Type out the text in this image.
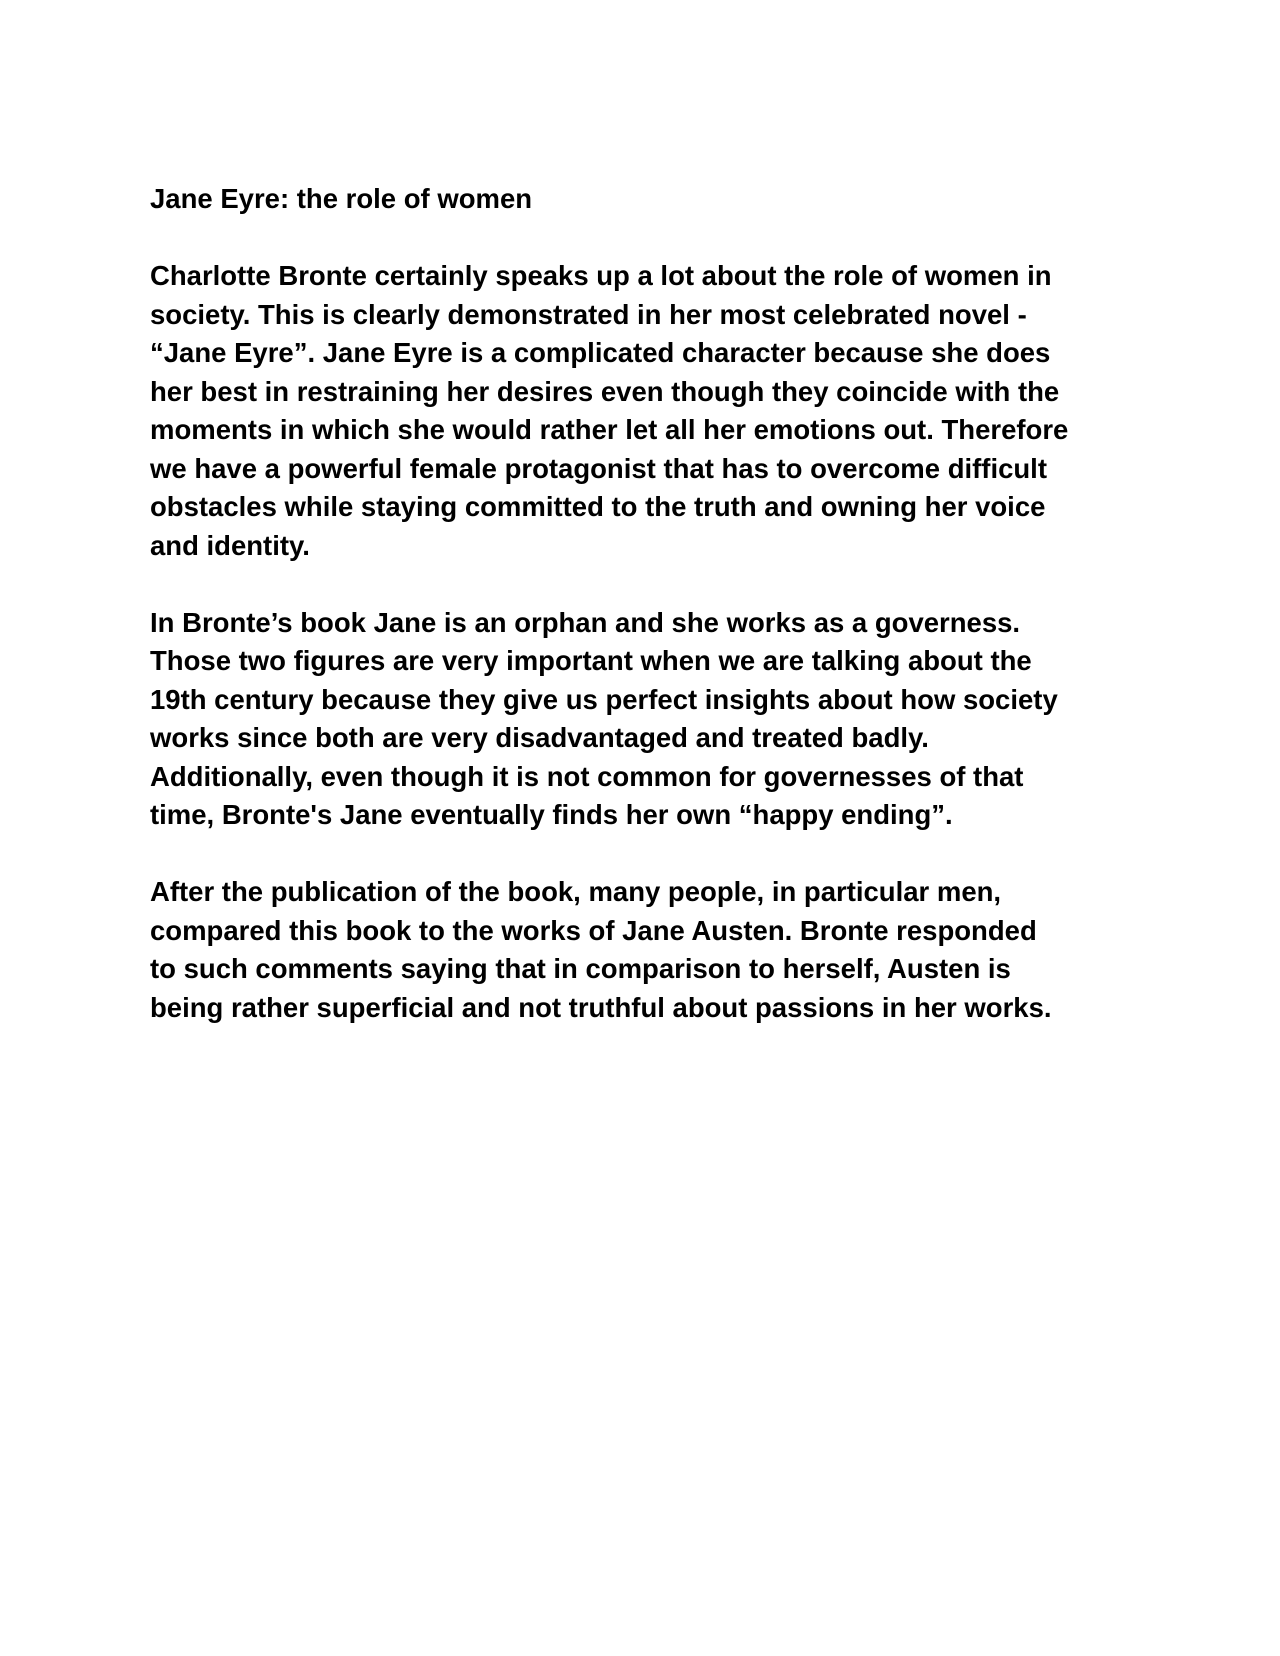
Jane Eyre: the role of women
Charlotte Bronte certainly speaks up a lot about the role of women in
society. This is clearly demonstrated in her most celebrated novel -
“Jane Eyre”. Jane Eyre is a complicated character because she does
her best in restraining her desires even though they coincide with the
moments in which she would rather let all her emotions out. Therefore
we have a powerful female protagonist that has to overcome difficult
obstacles while staying committed to the truth and owning her voice
and identity.
In Bronte’s book Jane is an orphan and she works as a governess.
Those two figures are very important when we are talking about the
19th century because they give us perfect insights about how society
works since both are very disadvantaged and treated badly.
Additionally, even though it is not common for governesses of that
time, Bronte's Jane eventually finds her own “happy ending”.
After the publication of the book, many people, in particular men,
compared this book to the works of Jane Austen. Bronte responded
to such comments saying that in comparison to herself, Austen is
being rather superficial and not truthful about passions in her works.
